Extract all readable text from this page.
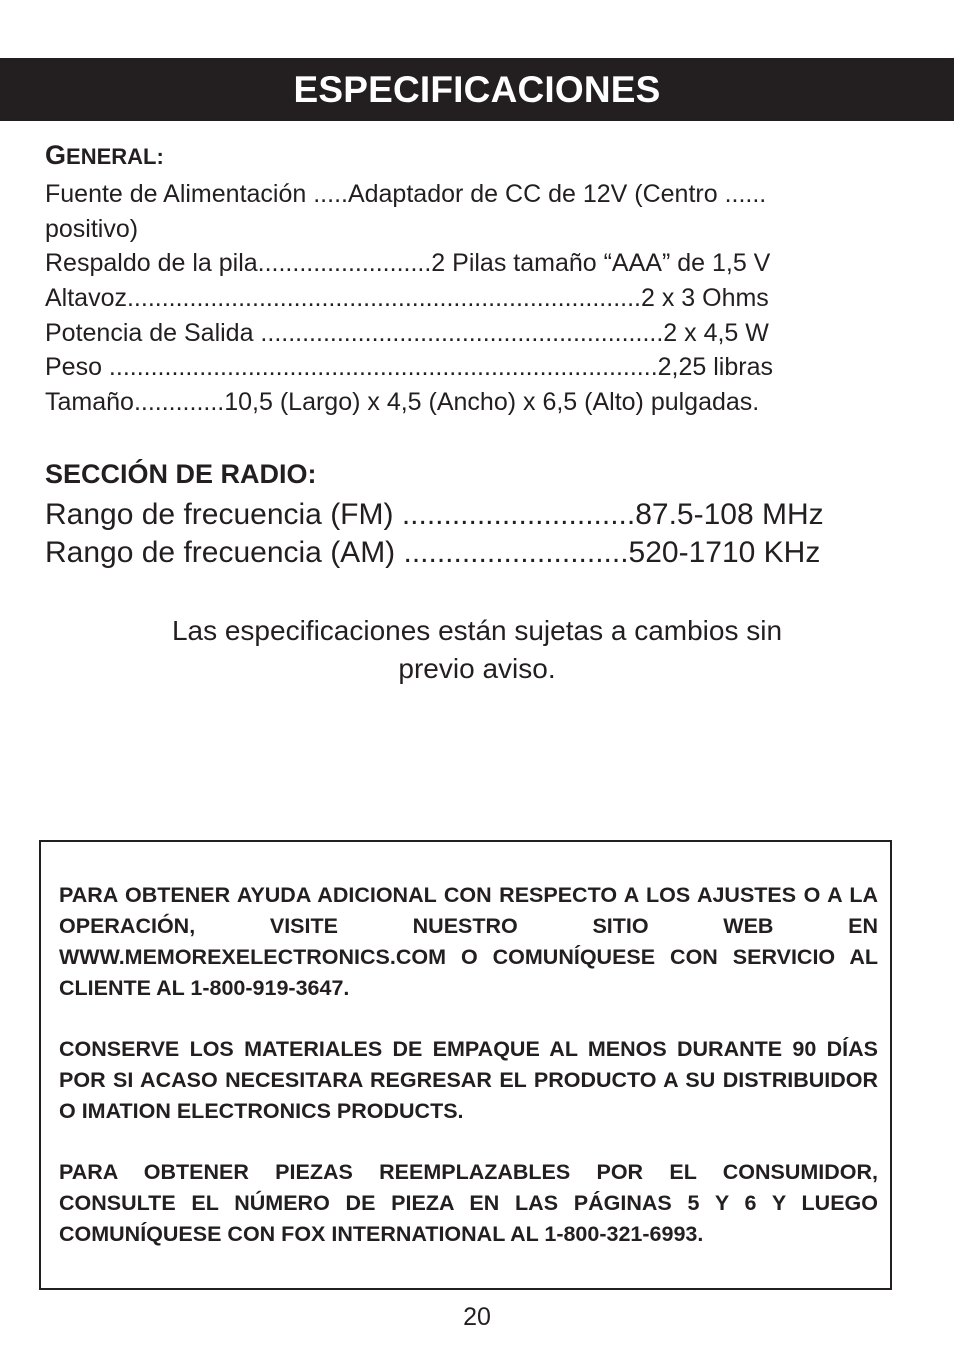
ESPECIFICACIONES
GENERAL:
Fuente de Alimentación .....Adaptador de CC de 12V (Centro ......
positivo)
Respaldo de la pila.........................2 Pilas tamaño “AAA” de 1,5 V
Altavoz..........................................................................2 x 3 Ohms
Potencia de Salida ..........................................................2 x 4,5 W
Peso ...............................................................................2,25 libras
Tamaño.............10,5 (Largo) x 4,5 (Ancho) x 6,5 (Alto) pulgadas.
SECCIÓN DE RADIO:
Rango de frecuencia (FM) ............................87.5-108 MHz
Rango de frecuencia (AM) ...........................520-1710 KHz
Las especificaciones están sujetas a cambios sin
previo aviso.

PARA OBTENER AYUDA ADICIONAL CON RESPECTO A LOS AJUSTES O A LA OPERACIÓN, VISITE NUESTRO SITIO WEB EN WWW.MEMOREXELECTRONICS.COM O COMUNÍQUESE CON SERVICIO AL CLIENTE AL 1-800-919-3647.

CONSERVE LOS MATERIALES DE EMPAQUE AL MENOS DURANTE 90 DÍAS POR SI ACASO NECESITARA REGRESAR EL PRODUCTO A SU DISTRIBUIDOR O IMATION ELECTRONICS PRODUCTS.

PARA OBTENER PIEZAS REEMPLAZABLES POR EL CONSUMIDOR, CONSULTE EL NÚMERO DE PIEZA EN LAS PÁGINAS 5 Y 6 Y LUEGO COMUNÍQUESE CON FOX INTERNATIONAL AL 1-800-321-6993.

20
